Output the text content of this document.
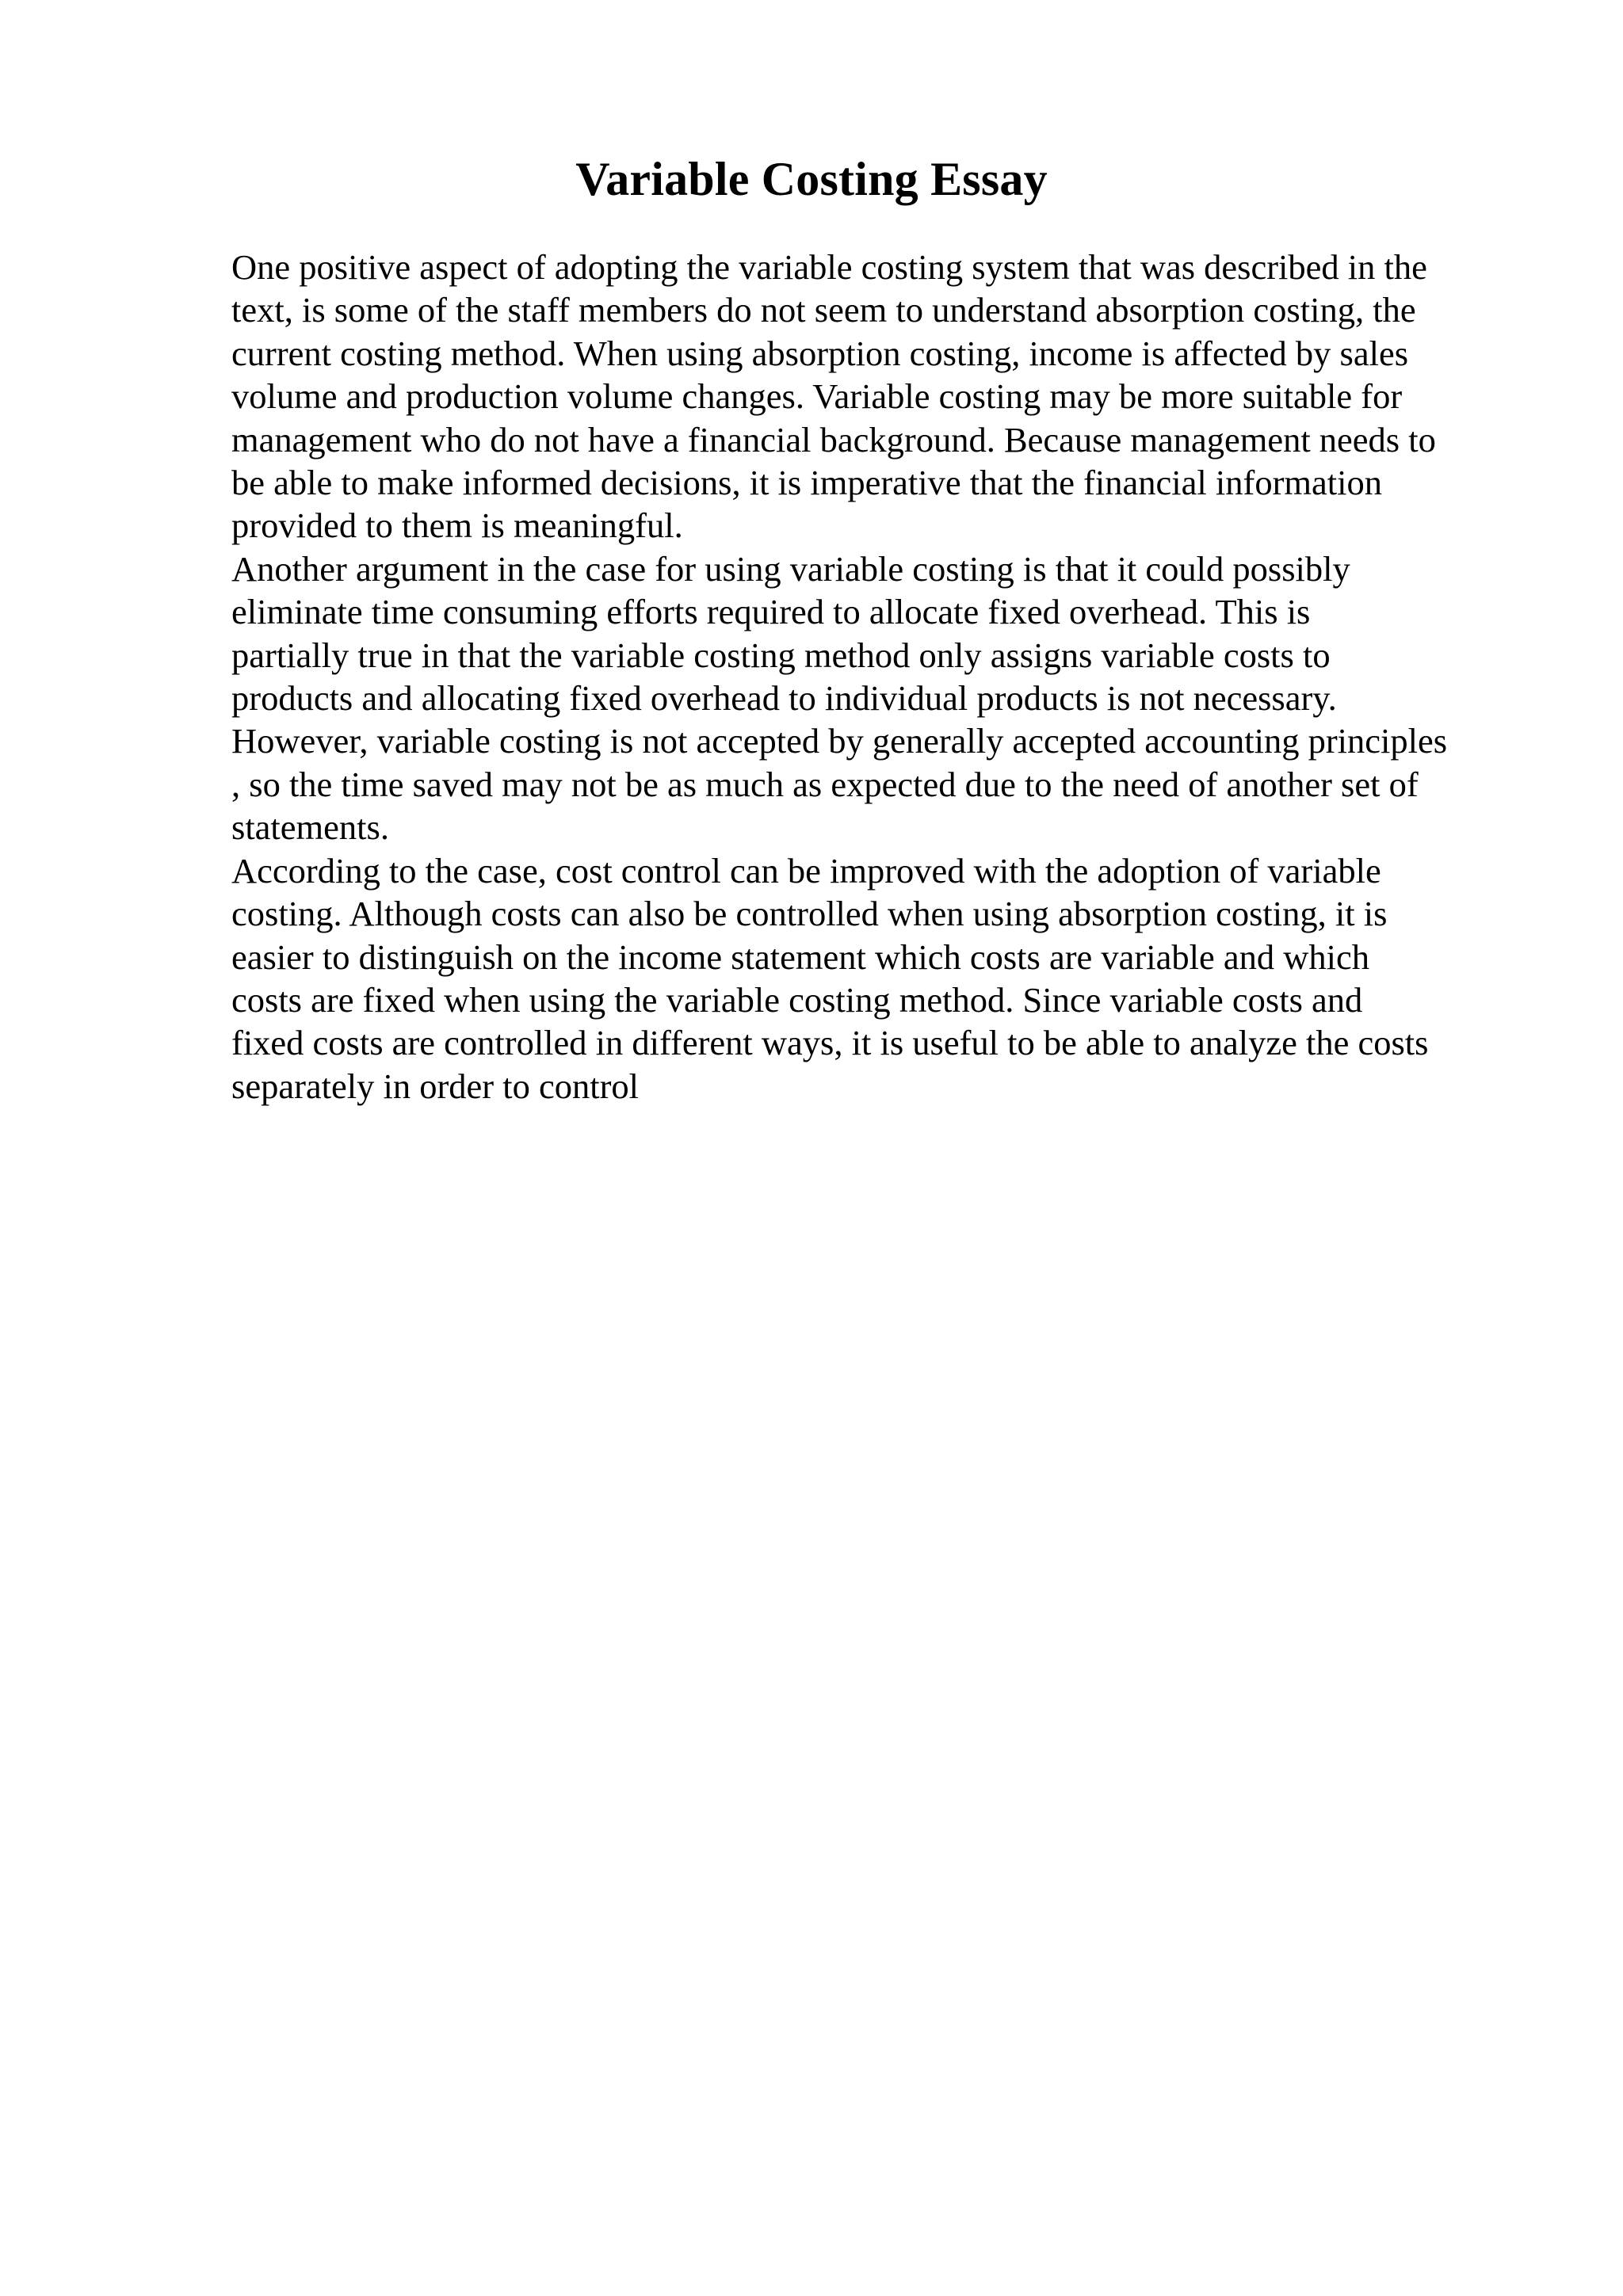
Variable Costing Essay
One positive aspect of adopting the variable costing system that was described in the
text, is some of the staff members do not seem to understand absorption costing, the
current costing method. When using absorption costing, income is affected by sales
volume and production volume changes. Variable costing may be more suitable for
management who do not have a financial background. Because management needs to
be able to make informed decisions, it is imperative that the financial information
provided to them is meaningful.
Another argument in the case for using variable costing is that it could possibly
eliminate time consuming efforts required to allocate fixed overhead. This is
partially true in that the variable costing method only assigns variable costs to
products and allocating fixed overhead to individual products is not necessary.
However, variable costing is not accepted by generally accepted accounting principles
, so the time saved may not be as much as expected due to the need of another set of
statements.
According to the case, cost control can be improved with the adoption of variable
costing. Although costs can also be controlled when using absorption costing, it is
easier to distinguish on the income statement which costs are variable and which
costs are fixed when using the variable costing method. Since variable costs and
fixed costs are controlled in different ways, it is useful to be able to analyze the costs
separately in order to control
